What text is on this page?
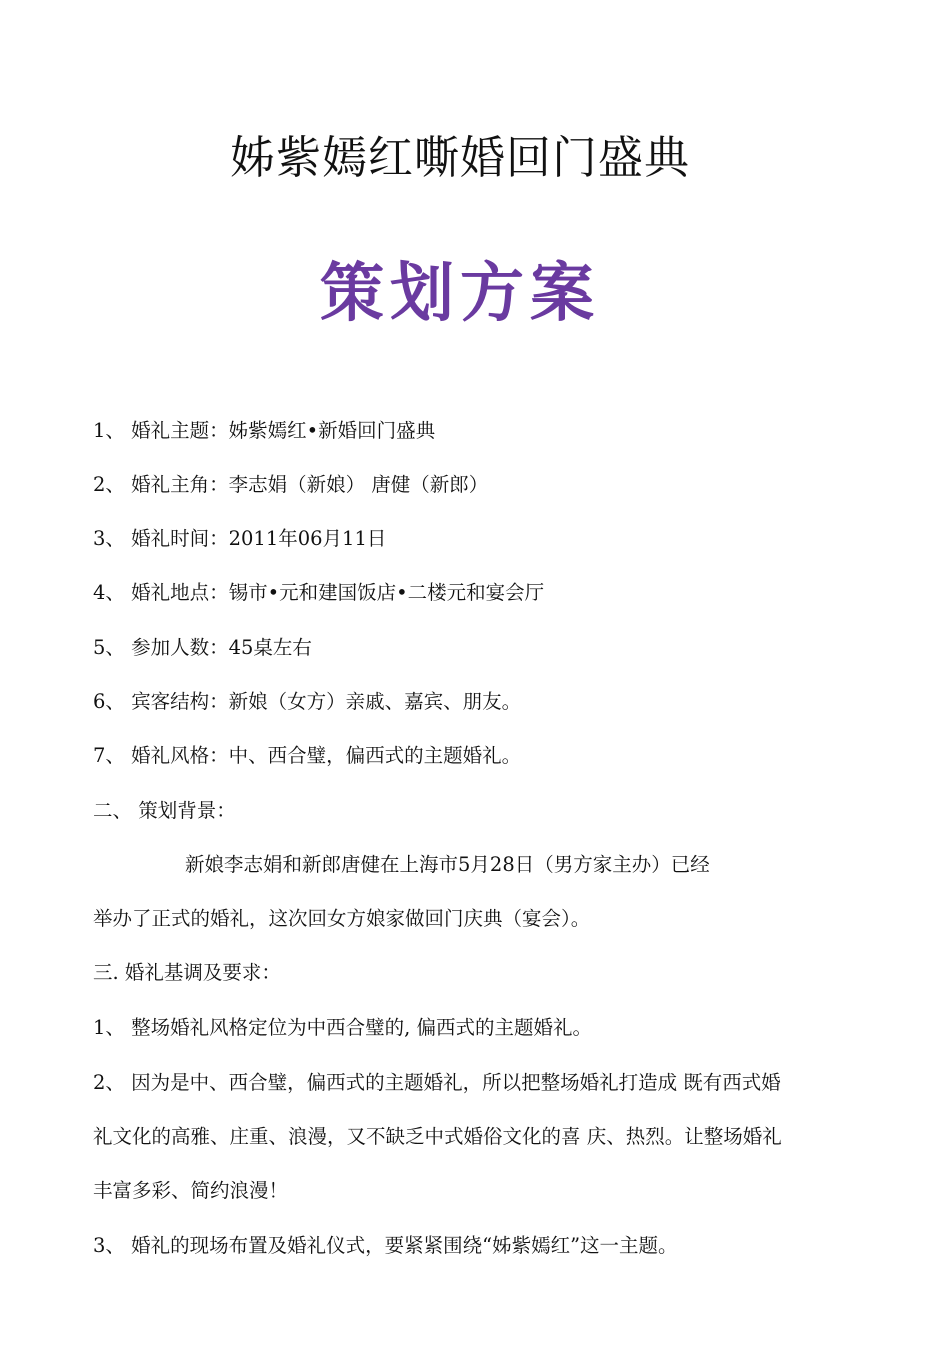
姊紫嫣红嘶婚回门盛典
策划方案
1、 婚礼主题：姊紫嫣红•新婚回门盛典
2、 婚礼主角：李志娟（新娘） 唐健（新郎）
3、 婚礼时间：2011年06月11日
4、 婚礼地点：锡市•元和建国饭店•二楼元和宴会厅
5、 参加人数：45桌左右
6、 宾客结构：新娘（女方）亲戚、嘉宾、朋友。
7、 婚礼风格：中、西合璧，偏西式的主题婚礼。
二、 策划背景：
新娘李志娟和新郎唐健在上海市5月28日（男方家主办）已经
举办了正式的婚礼，这次回女方娘家做回门庆典（宴会）。
三. 婚礼基调及要求：
1、 整场婚礼风格定位为中西合璧的, 偏西式的主题婚礼。
2、 因为是中、西合璧，偏西式的主题婚礼，所以把整场婚礼打造成 既有西式婚
礼文化的高雅、庄重、浪漫，又不缺乏中式婚俗文化的喜 庆、热烈。让整场婚礼
丰富多彩、简约浪漫！
3、 婚礼的现场布置及婚礼仪式，要紧紧围绕“姊紫嫣红”这一主题。
